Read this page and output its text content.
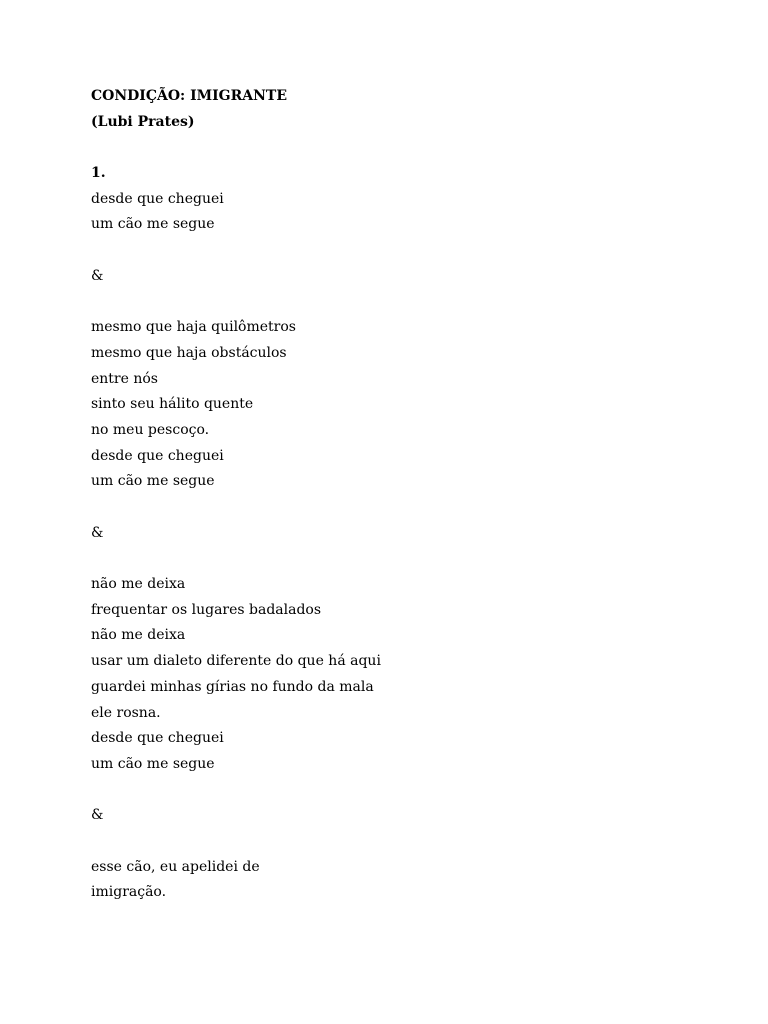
CONDIÇÃO: IMIGRANTE
(Lubi Prates)
1.
desde que cheguei
um cão me segue
&
mesmo que haja quilômetros
mesmo que haja obstáculos
entre nós
sinto seu hálito quente
no meu pescoço.
desde que cheguei
um cão me segue
&
não me deixa
frequentar os lugares badalados
não me deixa
usar um dialeto diferente do que há aqui
guardei minhas gírias no fundo da mala
ele rosna.
desde que cheguei
um cão me segue
&
esse cão, eu apelidei de
imigração.
